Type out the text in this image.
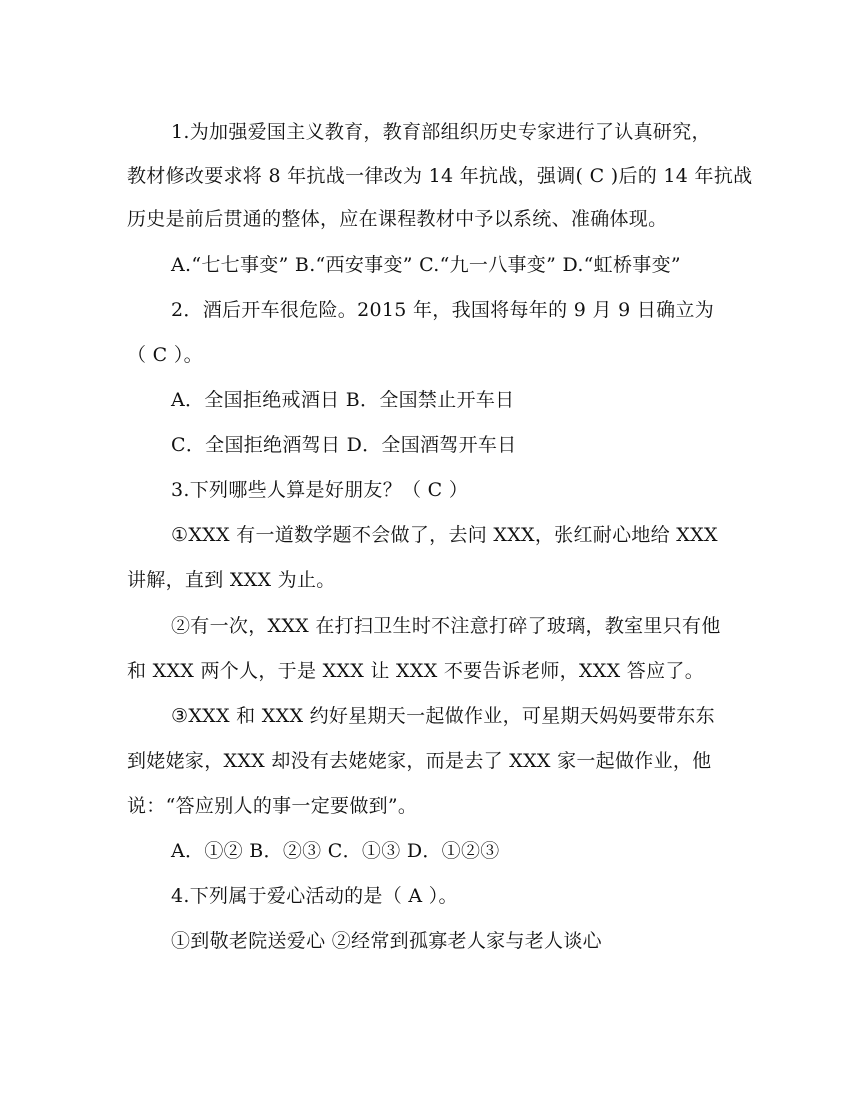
1.为加强爱国主义教育，教育部组织历史专家进行了认真研究，
教材修改要求将 8 年抗战一律改为 14 年抗战，强调( C )后的 14 年抗战
历史是前后贯通的整体，应在课程教材中予以系统、准确体现。
A.“七七事变” B.“西安事变” C.“九一八事变” D.“虹桥事变”
2．酒后开车很危险。2015 年，我国将每年的 9 月 9 日确立为
（ C ）。
A．全国拒绝戒酒日 B．全国禁止开车日
C．全国拒绝酒驾日 D．全国酒驾开车日
3.下列哪些人算是好朋友？（ C ）
①XXX 有一道数学题不会做了，去问 XXX，张红耐心地给 XXX
讲解，直到 XXX 为止。
②有一次，XXX 在打扫卫生时不注意打碎了玻璃，教室里只有他
和 XXX 两个人，于是 XXX 让 XXX 不要告诉老师，XXX 答应了。
③XXX 和 XXX 约好星期天一起做作业，可星期天妈妈要带东东
到姥姥家，XXX 却没有去姥姥家，而是去了 XXX 家一起做作业，他
说：“答应别人的事一定要做到”。
A．①② B．②③ C．①③ D．①②③
4.下列属于爱心活动的是（ A ）。
①到敬老院送爱心 ②经常到孤寡老人家与老人谈心
